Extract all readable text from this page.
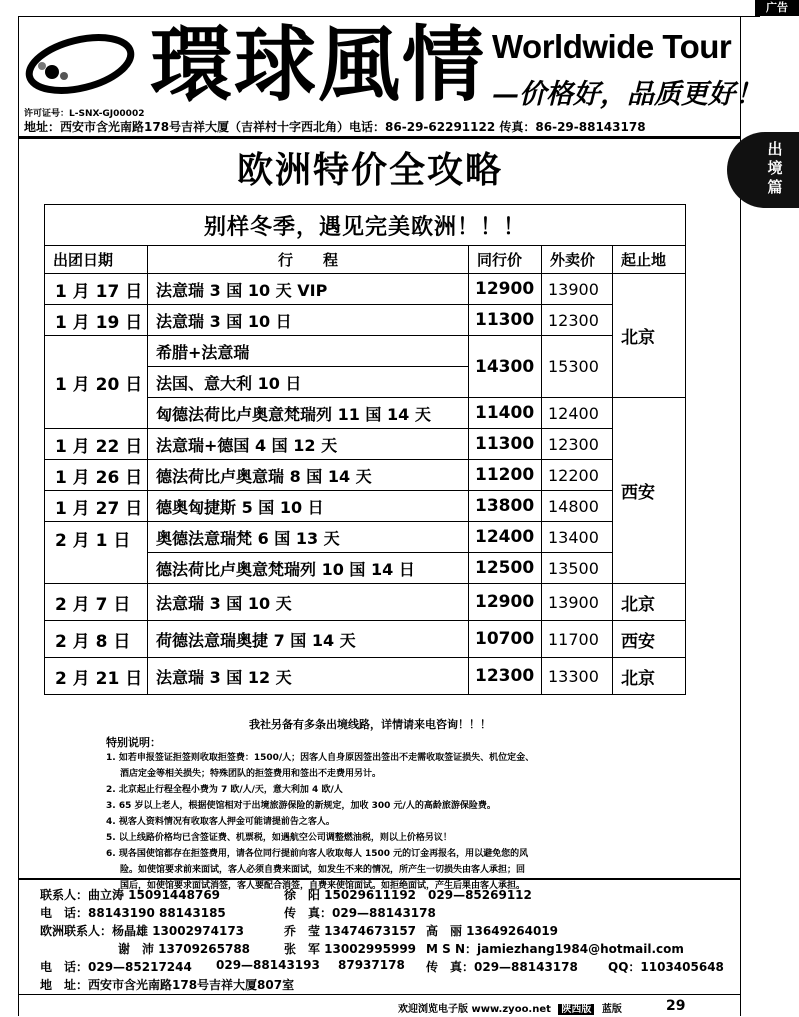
广告
出境篇
環球風情 Worldwide Tour
—价格好，品质更好！
许可证号：L-SNX-GJ00002
地址：西安市含光南路178号吉祥大厦（吉祥村十字西北角）电话：86-29-62291122 传真：86-29-88143178
欧洲特价全攻略
别样冬季，遇见完美欧洲！！！				
出团日期	行　　程	同行价	外卖价	起止地
1 月 17 日	法意瑞 3 国 10 天 VIP	12900	13900	北京
1 月 19 日	法意瑞 3 国 10 日	11300	12300	
1 月 20 日	希腊+法意瑞	14300	15300	
	法国、意大利 10 日			
	匈德法荷比卢奥意梵瑞列 11 国 14 天	11400	12400	西安
1 月 22 日	法意瑞+德国 4 国 12 天	11300	12300	
1 月 26 日	德法荷比卢奥意瑞 8 国 14 天	11200	12200	
1 月 27 日	德奥匈捷斯 5 国 10 日	13800	14800	
2 月 1 日	奥德法意瑞梵 6 国 13 天	12400	13400	
	德法荷比卢奥意梵瑞列 10 国 14 日	12500	13500	
2 月 7 日	法意瑞 3 国 10 天	12900	13900	北京
2 月 8 日	荷德法意瑞奥捷 7 国 14 天	10700	11700	西安
2 月 21 日	法意瑞 3 国 12 天	12300	13300	北京
我社另备有多条出境线路，详情请来电咨询！！！
特别说明：
1. 如若申报签证拒签则收取拒签费：1500/人；因客人自身原因签出签出不走需收取签证损失、机位定金、
酒店定金等相关损失；特殊团队的拒签费用和签出不走费用另计。
2. 北京起止行程全程小费为 7 欧/人/天，意大利加 4 欧/人
3. 65 岁以上老人，根据使馆相对于出境旅游保险的新规定，加收 300 元/人的高龄旅游保险费。
4. 视客人资料情况有收取客人押金可能请提前告之客人。
5. 以上线路价格均已含签证费、机票税，如遇航空公司调整燃油税，则以上价格另议！
6. 现各国使馆都存在拒签费用，请各位同行提前向客人收取每人 1500 元的订金再报名，用以避免您的风
险。如使馆要求前来面试，客人必须自费来面试，如发生不来的情况，所产生一切损失由客人承担；回
国后，如使馆要求面试消签，客人要配合消签，自费来使馆面试。如拒绝面试，产生后果由客人承担。
联系人：曲立涛 15091448769	徐　阳 15029611192　029—85269112
电　话：88143190 88143185	传　真：029—88143178
欧洲联系人：杨晶雄 13002974173	乔　莹 13474673157 高　丽 13649264019
谢　沛 13709265788	张　军 13002995999 M S N：jamiezhang1984@hotmail.com
电　话：029—85217244 029—88143193 87937178 传　真：029—88143178	QQ：1103405648
地　址：西安市含光南路178号吉祥大厦807室
欢迎浏览电子版 www.zyoo.net 陕西版 蓝版	29
